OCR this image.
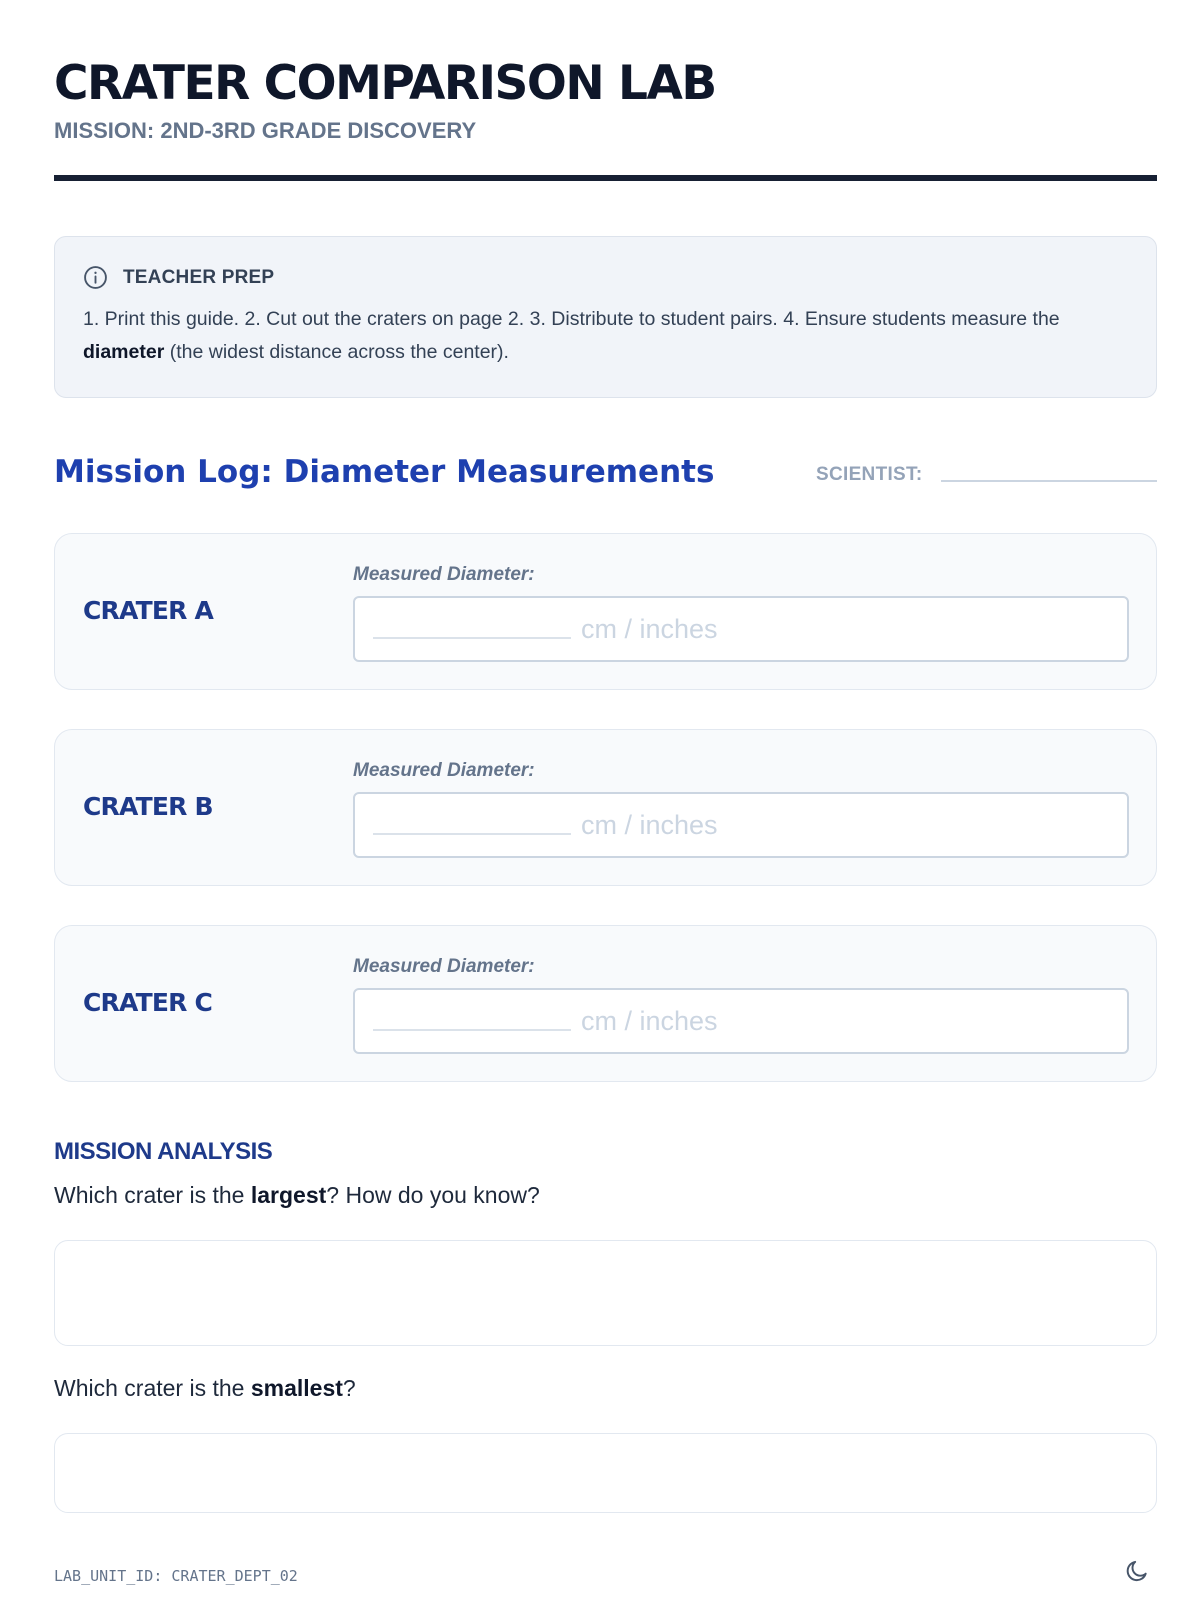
CRATER COMPARISON LAB
MISSION: 2ND-3RD GRADE DISCOVERY
TEACHER PREP

1. Print this guide. 2. Cut out the craters on page 2. 3. Distribute to student pairs. 4. Ensure students measure the diameter (the widest distance across the center).

Mission Log: Diameter Measurements	SCIENTIST:
CRATER A
Measured Diameter:
cm / inches
CRATER B
Measured Diameter:
cm / inches
CRATER C
Measured Diameter:
cm / inches
MISSION ANALYSIS

Which crater is the largest? How do you know?

Which crater is the smallest?

LAB_UNIT_ID: CRATER_DEPT_02
